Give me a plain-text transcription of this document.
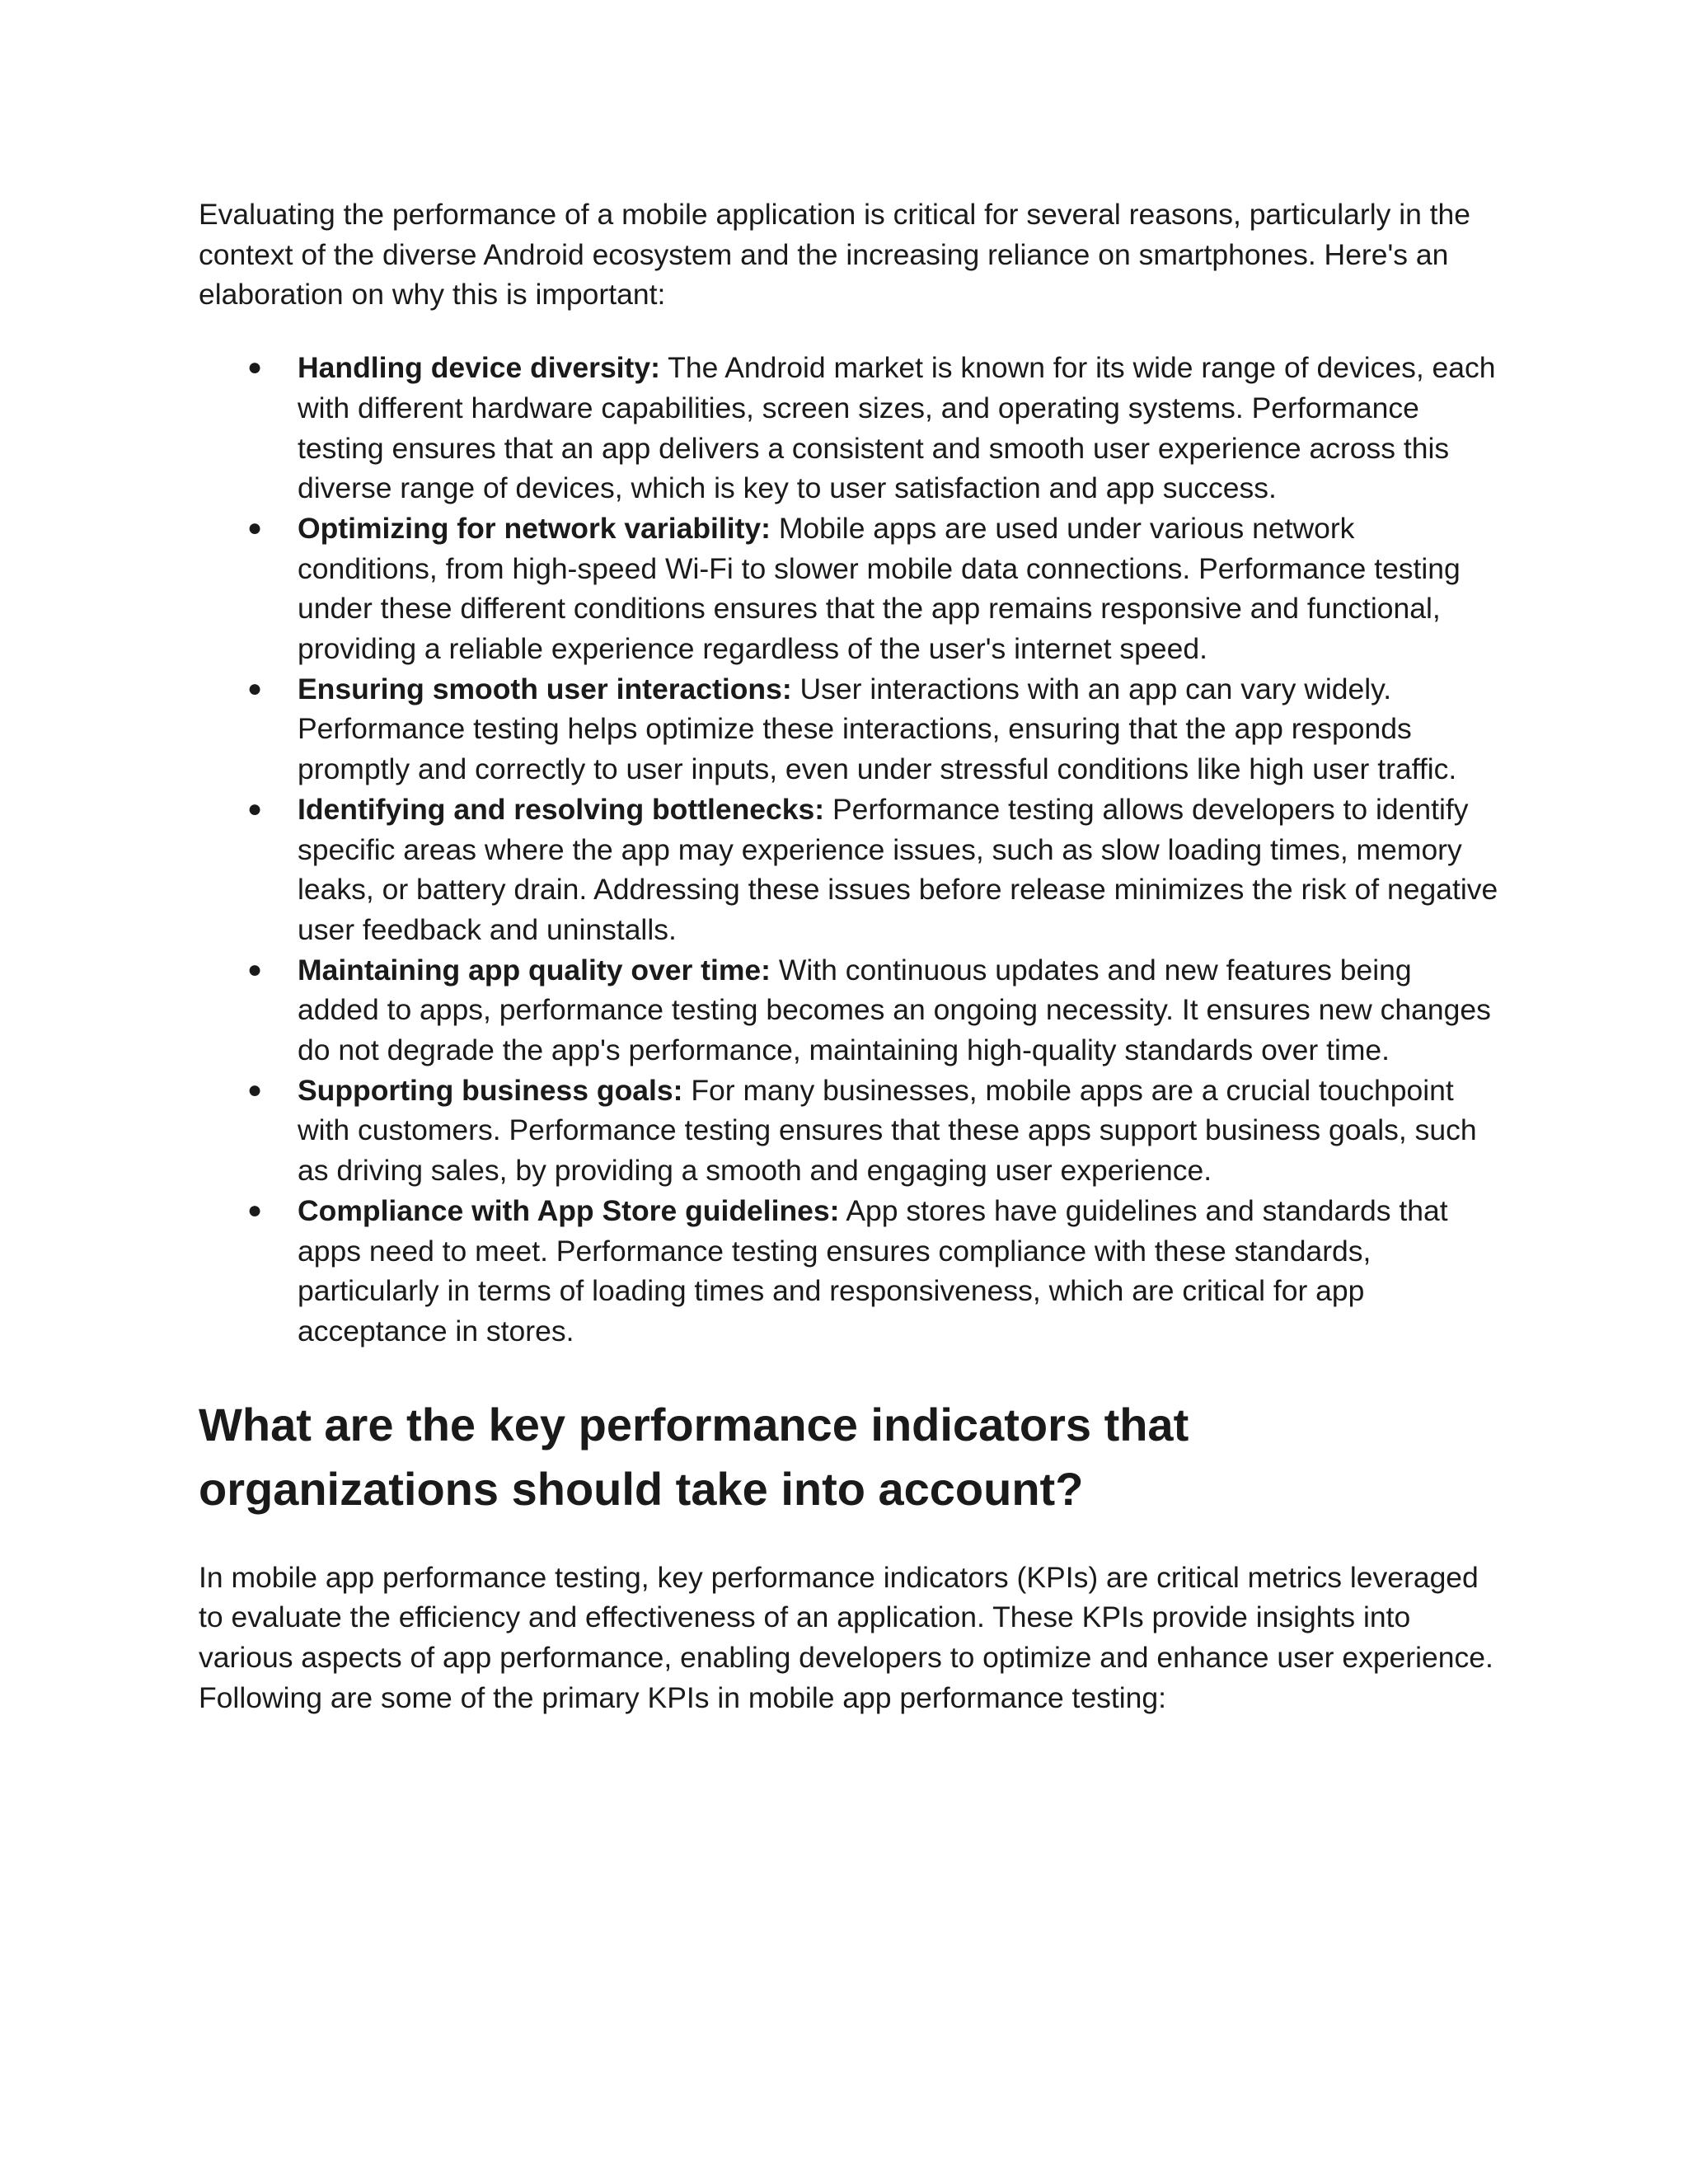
Evaluating the performance of a mobile application is critical for several reasons, particularly in the context of the diverse Android ecosystem and the increasing reliance on smartphones. Here's an elaboration on why this is important:

● Handling device diversity: The Android market is known for its wide range of devices, each with different hardware capabilities, screen sizes, and operating systems. Performance testing ensures that an app delivers a consistent and smooth user experience across this diverse range of devices, which is key to user satisfaction and app success.
● Optimizing for network variability: Mobile apps are used under various network conditions, from high-speed Wi-Fi to slower mobile data connections. Performance testing under these different conditions ensures that the app remains responsive and functional, providing a reliable experience regardless of the user's internet speed.
● Ensuring smooth user interactions: User interactions with an app can vary widely. Performance testing helps optimize these interactions, ensuring that the app responds promptly and correctly to user inputs, even under stressful conditions like high user traffic.
● Identifying and resolving bottlenecks: Performance testing allows developers to identify specific areas where the app may experience issues, such as slow loading times, memory leaks, or battery drain. Addressing these issues before release minimizes the risk of negative user feedback and uninstalls.
● Maintaining app quality over time: With continuous updates and new features being added to apps, performance testing becomes an ongoing necessity. It ensures new changes do not degrade the app's performance, maintaining high-quality standards over time.
● Supporting business goals: For many businesses, mobile apps are a crucial touchpoint with customers. Performance testing ensures that these apps support business goals, such as driving sales, by providing a smooth and engaging user experience.
● Compliance with App Store guidelines: App stores have guidelines and standards that apps need to meet. Performance testing ensures compliance with these standards, particularly in terms of loading times and responsiveness, which are critical for app acceptance in stores.
What are the key performance indicators that organizations should take into account?

In mobile app performance testing, key performance indicators (KPIs) are critical metrics leveraged to evaluate the efficiency and effectiveness of an application. These KPIs provide insights into various aspects of app performance, enabling developers to optimize and enhance user experience. Following are some of the primary KPIs in mobile app performance testing:
